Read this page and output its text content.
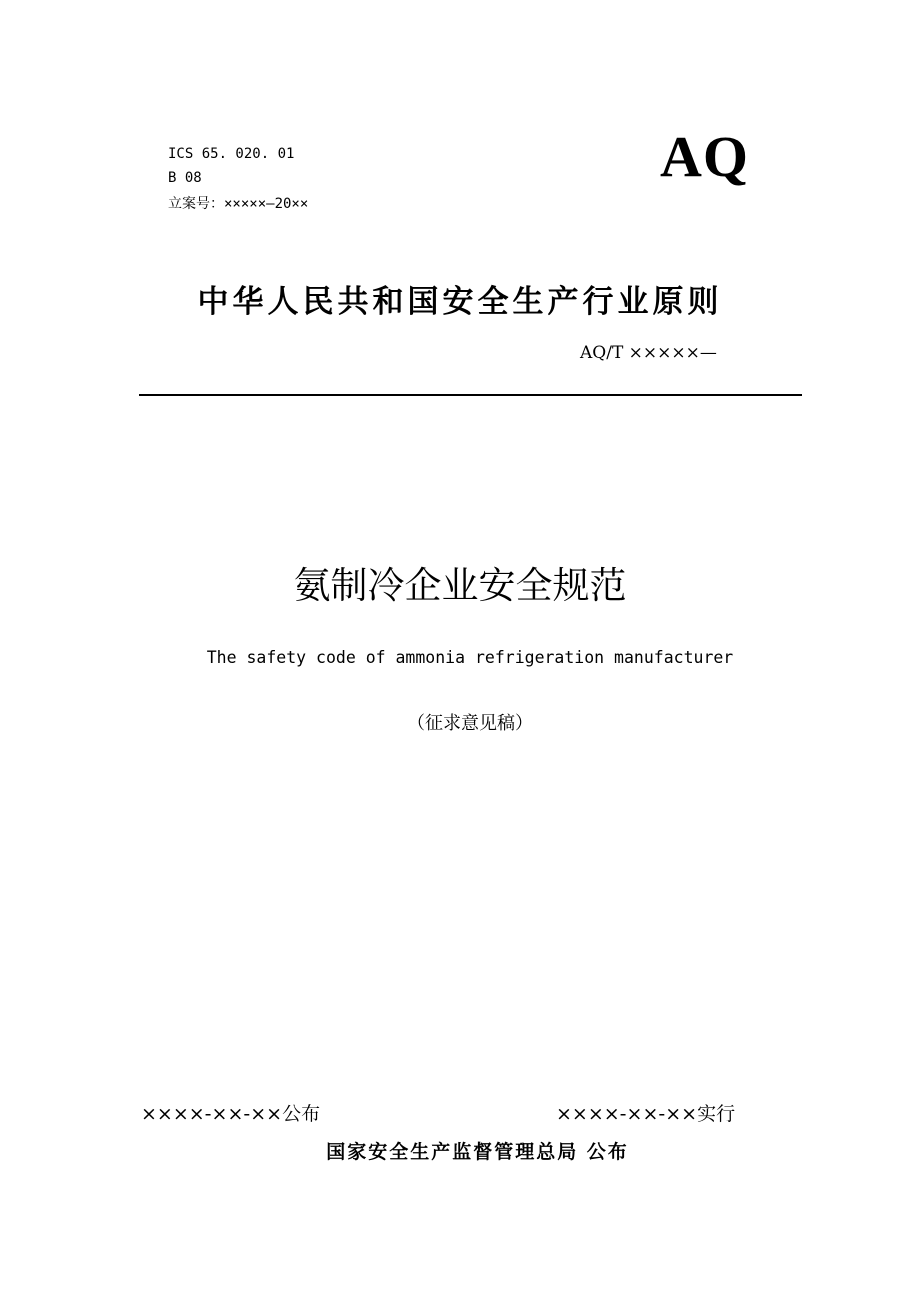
ICS 65. 020. 01
B 08
立案号：×××××—20××
AQ
中华人民共和国安全生产行业原则
AQ/T ×××××—
氨制冷企业安全规范
The safety code of ammonia refrigeration manufacturer
（征求意见稿）
××××-××-××公布	××××-××-××实行
国家安全生产监督管理总局 公布
